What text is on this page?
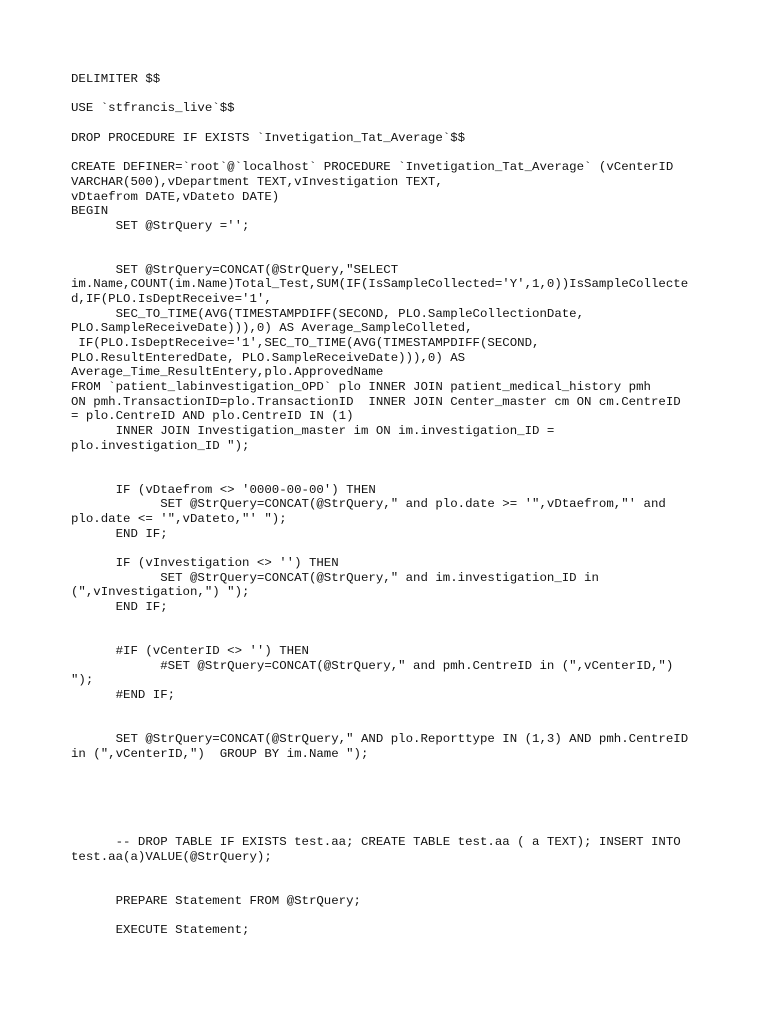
DELIMITER $$
USE `stfrancis_live`$$
DROP PROCEDURE IF EXISTS `Invetigation_Tat_Average`$$
CREATE DEFINER=`root`@`localhost` PROCEDURE `Invetigation_Tat_Average` (vCenterID
VARCHAR(500),vDepartment TEXT,vInvestigation TEXT,
vDtaefrom DATE,vDateto DATE)
BEGIN
SET @StrQuery ='';
SET @StrQuery=CONCAT(@StrQuery,"SELECT
im.Name,COUNT(im.Name)Total_Test,SUM(IF(IsSampleCollected='Y',1,0))IsSampleCollecte
d,IF(PLO.IsDeptReceive='1',
SEC_TO_TIME(AVG(TIMESTAMPDIFF(SECOND, PLO.SampleCollectionDate,
PLO.SampleReceiveDate))),0) AS Average_SampleColleted,
IF(PLO.IsDeptReceive='1',SEC_TO_TIME(AVG(TIMESTAMPDIFF(SECOND,
PLO.ResultEnteredDate, PLO.SampleReceiveDate))),0) AS
Average_Time_ResultEntery,plo.ApprovedName
FROM `patient_labinvestigation_OPD` plo INNER JOIN patient_medical_history pmh
ON pmh.TransactionID=plo.TransactionID  INNER JOIN Center_master cm ON cm.CentreID
= plo.CentreID AND plo.CentreID IN (1)
INNER JOIN Investigation_master im ON im.investigation_ID =
plo.investigation_ID ");
IF (vDtaefrom <> '0000-00-00') THEN
SET @StrQuery=CONCAT(@StrQuery," and plo.date >= '",vDtaefrom,"' and
plo.date <= '",vDateto,"' ");
END IF;
IF (vInvestigation <> '') THEN
SET @StrQuery=CONCAT(@StrQuery," and im.investigation_ID in
(",vInvestigation,") ");
END IF;
#IF (vCenterID <> '') THEN
#SET @StrQuery=CONCAT(@StrQuery," and pmh.CentreID in (",vCenterID,")
");
#END IF;
SET @StrQuery=CONCAT(@StrQuery," AND plo.Reporttype IN (1,3) AND pmh.CentreID
in (",vCenterID,")  GROUP BY im.Name ");
-- DROP TABLE IF EXISTS test.aa; CREATE TABLE test.aa ( a TEXT); INSERT INTO
test.aa(a)VALUE(@StrQuery);
PREPARE Statement FROM @StrQuery;
EXECUTE Statement;
